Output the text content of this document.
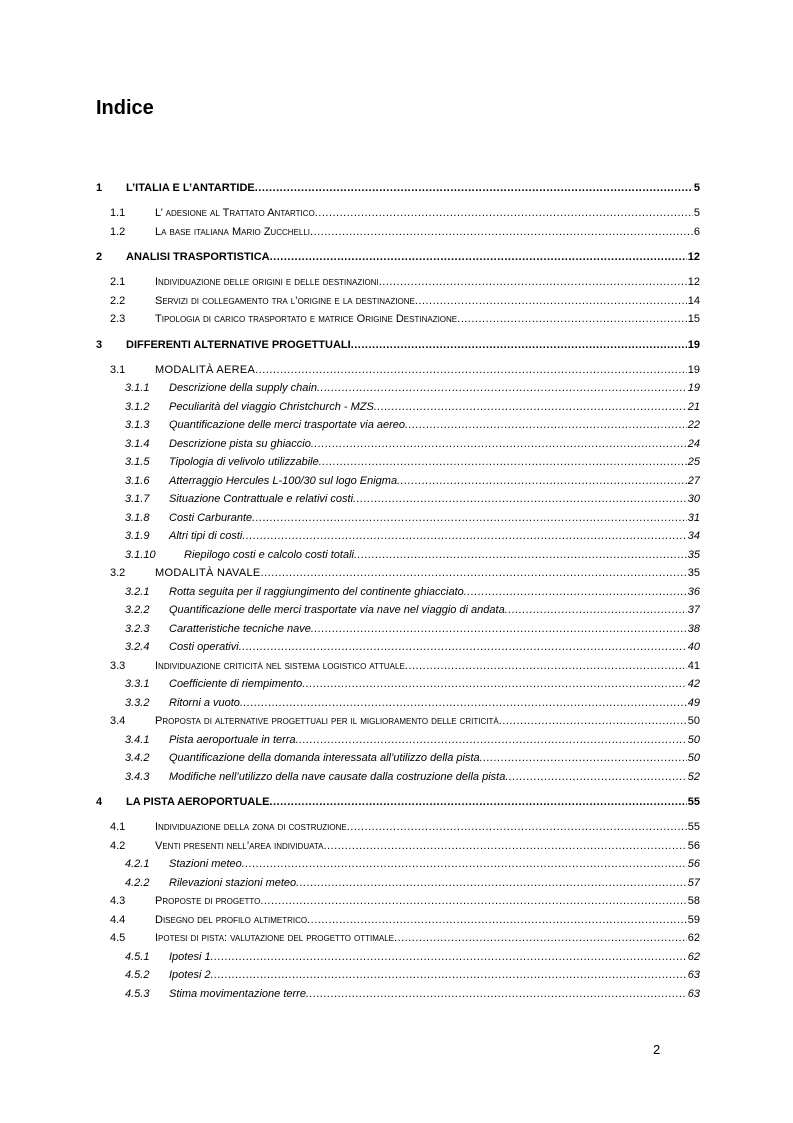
Indice
1 L’ITALIA E L’ANTARTIDE .....	5
1.1	L’ adesione al Trattato Antartico .....	5
1.2	La base italiana Mario Zucchelli .....	6
2 ANALISI TRASPORTISTICA .....	12
2.1	Individuazione delle origini e delle destinazioni .....	12
2.2	Servizi di collegamento tra l’origine e la destinazione .....	14
2.3	Tipologia di carico trasportato e matrice Origine Destinazione .....	15
3 DIFFERENTI ALTERNATIVE PROGETTUALI .....	19
3.1	MODALITÀ AEREA .....	19
3.1.1 Descrizione della supply chain .....	19
3.1.2 Peculiarità del viaggio Christchurch - MZS .....	21
3.1.3 Quantificazione delle merci trasportate via aereo .....	22
3.1.4 Descrizione pista su ghiaccio .....	24
3.1.5 Tipologia di velivolo utilizzabile .....	25
3.1.6 Atterraggio Hercules L-100/30 sul logo Enigma .....	27
3.1.7 Situazione Contrattuale e relativi costi .....	30
3.1.8 Costi Carburante .....	31
3.1.9 Altri tipi di costi .....	34
3.1.10	Riepilogo costi e calcolo costi totali .....	35
3.2	MODALITÀ NAVALE .....	35
3.2.1 Rotta seguita per il raggiungimento del continente ghiacciato .....	36
3.2.2 Quantificazione delle merci trasportate via nave nel viaggio di andata .....	37
3.2.3 Caratteristiche tecniche nave .....	38
3.2.4 Costi operativi .....	40
3.3	Individuazione criticità nel sistema logistico attuale .....	41
3.3.1 Coefficiente di riempimento .....	42
3.3.2 Ritorni a vuoto .....	49
3.4	Proposta di alternative progettuali per il miglioramento delle criticità .....	50
3.4.1 Pista aeroportuale in terra .....	50
3.4.2 Quantificazione della domanda interessata all’utilizzo della pista .....	50
3.4.3 Modifiche nell’utilizzo della nave causate dalla costruzione della pista .....	52
4 LA PISTA AEROPORTUALE .....	55
4.1	Individuazione della zona di costruzione .....	55
4.2	Venti presenti nell’area individuata .....	56
4.2.1 Stazioni meteo .....	56
4.2.2 Rilevazioni stazioni meteo .....	57
4.3	Proposte di progetto .....	58
4.4	Disegno del profilo altimetrico .....	59
4.5	Ipotesi di pista: valutazione del progetto ottimale .....	62
4.5.1 Ipotesi 1 .....	62
4.5.2 Ipotesi 2 .....	63
4.5.3 Stima movimentazione terre .....	63
2
